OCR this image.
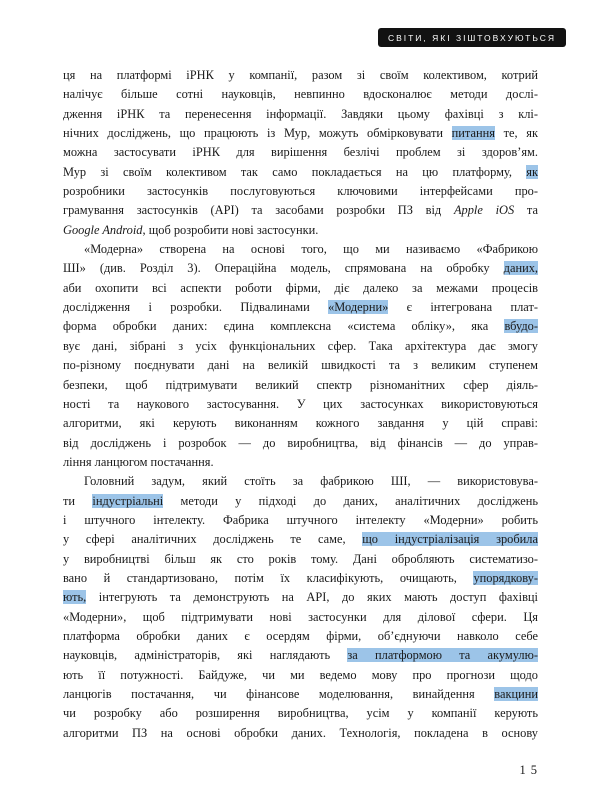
СВІТИ, ЯКІ ЗІШТОВХУЮТЬСЯ
ця на платформі іРНК у компанії, разом зі своїм колективом, котрий
налічує більше сотні науковців, невпинно вдосконалює методи дослі-
дження іРНК та перенесення інформації. Завдяки цьому фахівці з клі-
нічних досліджень, що працюють із Мур, можуть обмірковувати питання те, як
можна застосувати іРНК для вирішення безлічі проблем зі здоров’ям.
Мур зі своїм колективом так само покладається на цю платформу, як
розробники застосунків послуговуються ключовими інтерфейсами про-
грамування застосунків (API) та засобами розробки ПЗ від Apple iOS та
Google Android, щоб розробити нові застосунки.
«Модерна» створена на основі того, що ми називаємо «Фабрикою
ШІ» (див. Розділ 3). Операційна модель, спрямована на обробку даних,
аби охопити всі аспекти роботи фірми, діє далеко за межами процесів
дослідження і розробки. Підвалинами «Модерни» є інтегрована плат-
форма обробки даних: єдина комплексна «система обліку», яка вбудо-
вує дані, зібрані з усіх функціональних сфер. Така архітектура дає змогу
по-різному поєднувати дані на великій швидкості та з великим ступенем
безпеки, щоб підтримувати великий спектр різноманітних сфер діяль-
ності та наукового застосування. У цих застосунках використовуються
алгоритми, які керують виконанням кожного завдання у цій справі:
від досліджень і розробок — до виробництва, від фінансів — до управ-
ління ланцюгом постачання.
Головний задум, який стоїть за фабрикою ШІ, — використовува-
ти індустріальні методи у підході до даних, аналітичних досліджень
і штучного інтелекту. Фабрика штучного інтелекту «Модерни» робить
у сфері аналітичних досліджень те саме, що індустріалізація зробила
у виробництві більш як сто років тому. Дані обробляють систематизо-
вано й стандартизовано, потім їх класифікують, очищають, упорядкову-
ють, інтегрують та демонструють на API, до яких мають доступ фахівці
«Модерни», щоб підтримувати нові застосунки для ділової сфери. Ця
платформа обробки даних є осердям фірми, об’єднуючи навколо себе
науковців, адміністраторів, які наглядають за платформою та акумулю-
ють її потужності. Байдуже, чи ми ведемо мову про прогнози щодо
ланцюгів постачання, чи фінансове моделювання, винайдення вакцини
чи розробку або розширення виробництва, усім у компанії керують
алгоритми ПЗ на основі обробки даних. Технологія, покладена в основу
15
